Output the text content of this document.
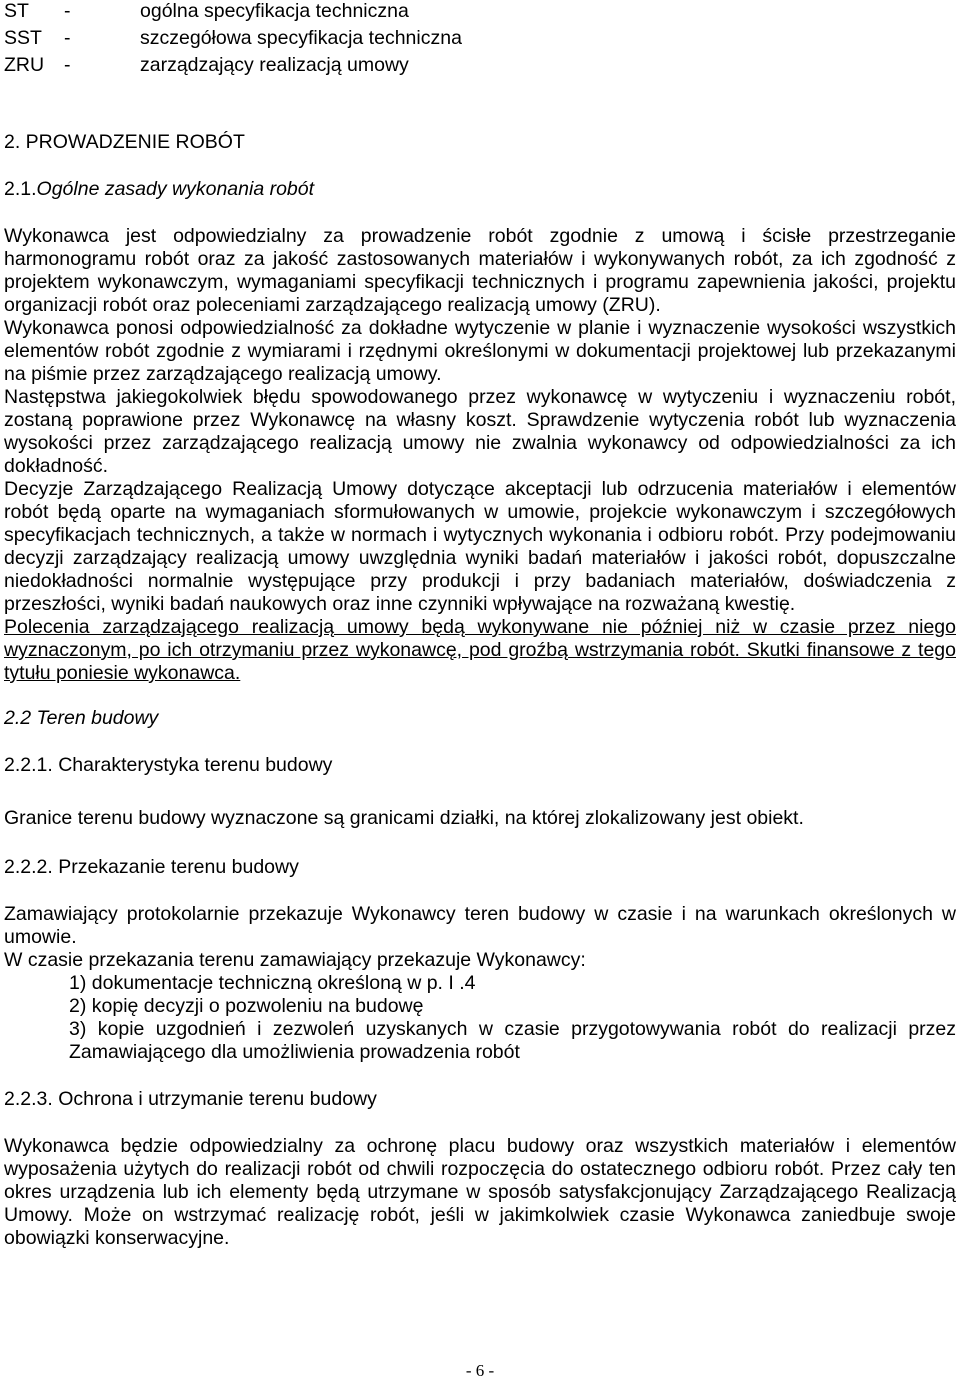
ST -	ogólna specyfikacja techniczna
SST -	szczegółowa specyfikacja techniczna
ZRU -	zarządzający realizacją umowy
2. PROWADZENIE ROBÓT
2.1.Ogólne zasady wykonania robót

Wykonawca jest odpowiedzialny za prowadzenie robót zgodnie z umową i ścisłe przestrzeganie harmonogramu robót oraz za jakość zastosowanych materiałów i wykonywanych robót, za ich zgodność z projektem wykonawczym, wymaganiami specyfikacji technicznych i programu zapewnienia jakości, projektu organizacji robót oraz poleceniami zarządzającego realizacją umowy (ZRU).

Wykonawca ponosi odpowiedzialność za dokładne wytyczenie w planie i wyznaczenie wysokości wszystkich elementów robót zgodnie z wymiarami i rzędnymi określonymi w dokumentacji projektowej lub przekazanymi na piśmie przez zarządzającego realizacją umowy.

Następstwa jakiegokolwiek błędu spowodowanego przez wykonawcę w wytyczeniu i wyznaczeniu robót, zostaną poprawione przez Wykonawcę na własny koszt. Sprawdzenie wytyczenia robót lub wyznaczenia wysokości przez zarządzającego realizacją umowy nie zwalnia wykonawcy od odpowiedzialności za ich dokładność.

Decyzje Zarządzającego Realizacją Umowy dotyczące akceptacji lub odrzucenia materiałów i elementów robót będą oparte na wymaganiach sformułowanych w umowie, projekcie wykonawczym i szczegółowych specyfikacjach technicznych, a także w normach i wytycznych wykonania i odbioru robót. Przy podejmowaniu decyzji zarządzający realizacją umowy uwzględnia wyniki badań materiałów i jakości robót, dopuszczalne niedokładności normalnie występujące przy produkcji i przy badaniach materiałów, doświadczenia z przeszłości, wyniki badań naukowych oraz inne czynniki wpływające na rozważaną kwestię.

Polecenia zarządzającego realizacją umowy będą wykonywane nie później niż w czasie przez niego wyznaczonym, po ich otrzymaniu przez wykonawcę, pod groźbą wstrzymania robót. Skutki finansowe z tego tytułu poniesie wykonawca.

2.2 Teren budowy
2.2.1. Charakterystyka terenu budowy

Granice terenu budowy wyznaczone są granicami działki, na której zlokalizowany jest obiekt.

2.2.2. Przekazanie terenu budowy

Zamawiający protokolarnie przekazuje Wykonawcy teren budowy w czasie i na warunkach określonych w umowie.

W czasie przekazania terenu zamawiający przekazuje Wykonawcy:

1) dokumentacje techniczną określoną w p. I .4
2) kopię decyzji o pozwoleniu na budowę
3) kopie uzgodnień i zezwoleń uzyskanych w czasie przygotowywania robót do realizacji przez Zamawiającego dla umożliwienia prowadzenia robót
2.2.3. Ochrona i utrzymanie terenu budowy

Wykonawca będzie odpowiedzialny za ochronę placu budowy oraz wszystkich materiałów i elementów wyposażenia użytych do realizacji robót od chwili rozpoczęcia do ostatecznego odbioru robót. Przez cały ten okres urządzenia lub ich elementy będą utrzymane w sposób satysfakcjonujący Zarządzającego Realizacją Umowy. Może on wstrzymać realizację robót, jeśli w jakimkolwiek czasie Wykonawca zaniedbuje swoje obowiązki konserwacyjne.

- 6 -
